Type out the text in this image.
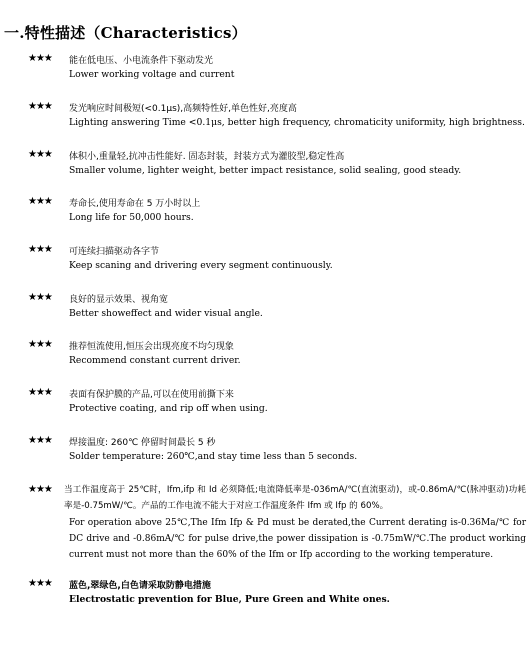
一.特性描述（Characteristics）
★★★ 能在低电压、小电流条件下驱动发光
Lower working voltage and current
★★★ 发光响应时间极短(<0.1μs),高频特性好,单色性好,亮度高
Lighting answering Time <0.1μs, better high frequency, chromaticity uniformity, high brightness.
★★★ 体积小,重量轻,抗冲击性能好. 固态封装，封装方式为灌胶型,稳定性高
Smaller volume, lighter weight, better impact resistance, solid sealing, good steady.
★★★ 寿命长,使用寿命在 5 万小时以上
Long life for 50,000 hours.
★★★ 可连续扫描驱动各字节
Keep scaning and drivering every segment continuously.
★★★ 良好的显示效果、视角宽
Better showeffect and wider visual angle.
★★★ 推荐恒流使用,恒压会出现亮度不均匀现象
Recommend constant current driver.
★★★ 表面有保护膜的产品,可以在使用前撕下来
Protective coating, and rip off when using.
★★★ 焊接温度: 260℃ 停留时间最长 5 秒
Solder temperature: 260℃,and stay time less than 5 seconds.
★★★ 当工作温度高于 25℃时，Ifm,ifp 和 Id 必须降低;电流降低率是-036mA/℃(直流驱动)，或-0.86mA/℃(脉冲驱动)功耗率是-0.75mW/℃。产品的工作电流不能大于对应工作温度条件 Ifm 或 Ifp 的 60%。
For operation above 25℃,The Ifm Ifp & Pd must be derated,the Current derating is-0.36Ma/℃ for DC drive and -0.86mA/℃ for pulse drive,the power dissipation is -0.75mW/℃.The product working current must not more than the 60% of the Ifm or Ifp according to the working temperature.
★★★ 蓝色,翠绿色,白色请采取防静电措施
Electrostatic prevention for Blue, Pure Green and White ones.
